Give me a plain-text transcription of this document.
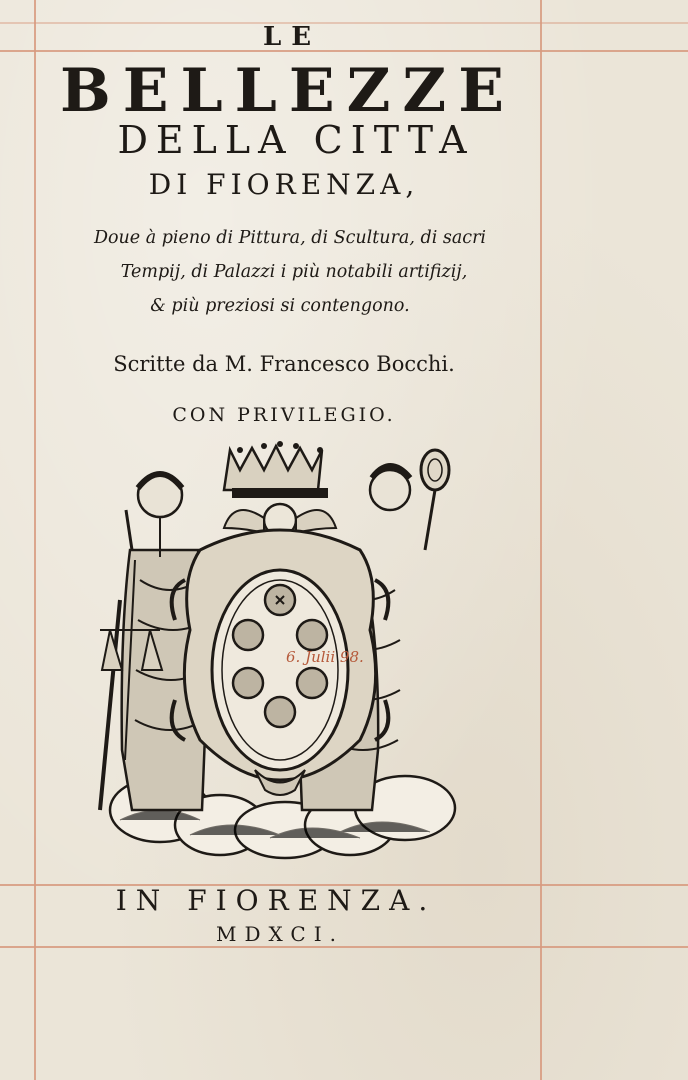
LE
BELLEZZE
DELLA CITTA
DI FIORENZA,
Doue à pieno di Pittura, di Scultura, di sacri
Tempij, di Palazzi i più notabili artifizij,
& più preziosi si contengono.
Scritte da M. Francesco Bocchi.
CON PRIVILEGIO.
6. Julii 98.
IN FIORENZA.
MDXCI.
